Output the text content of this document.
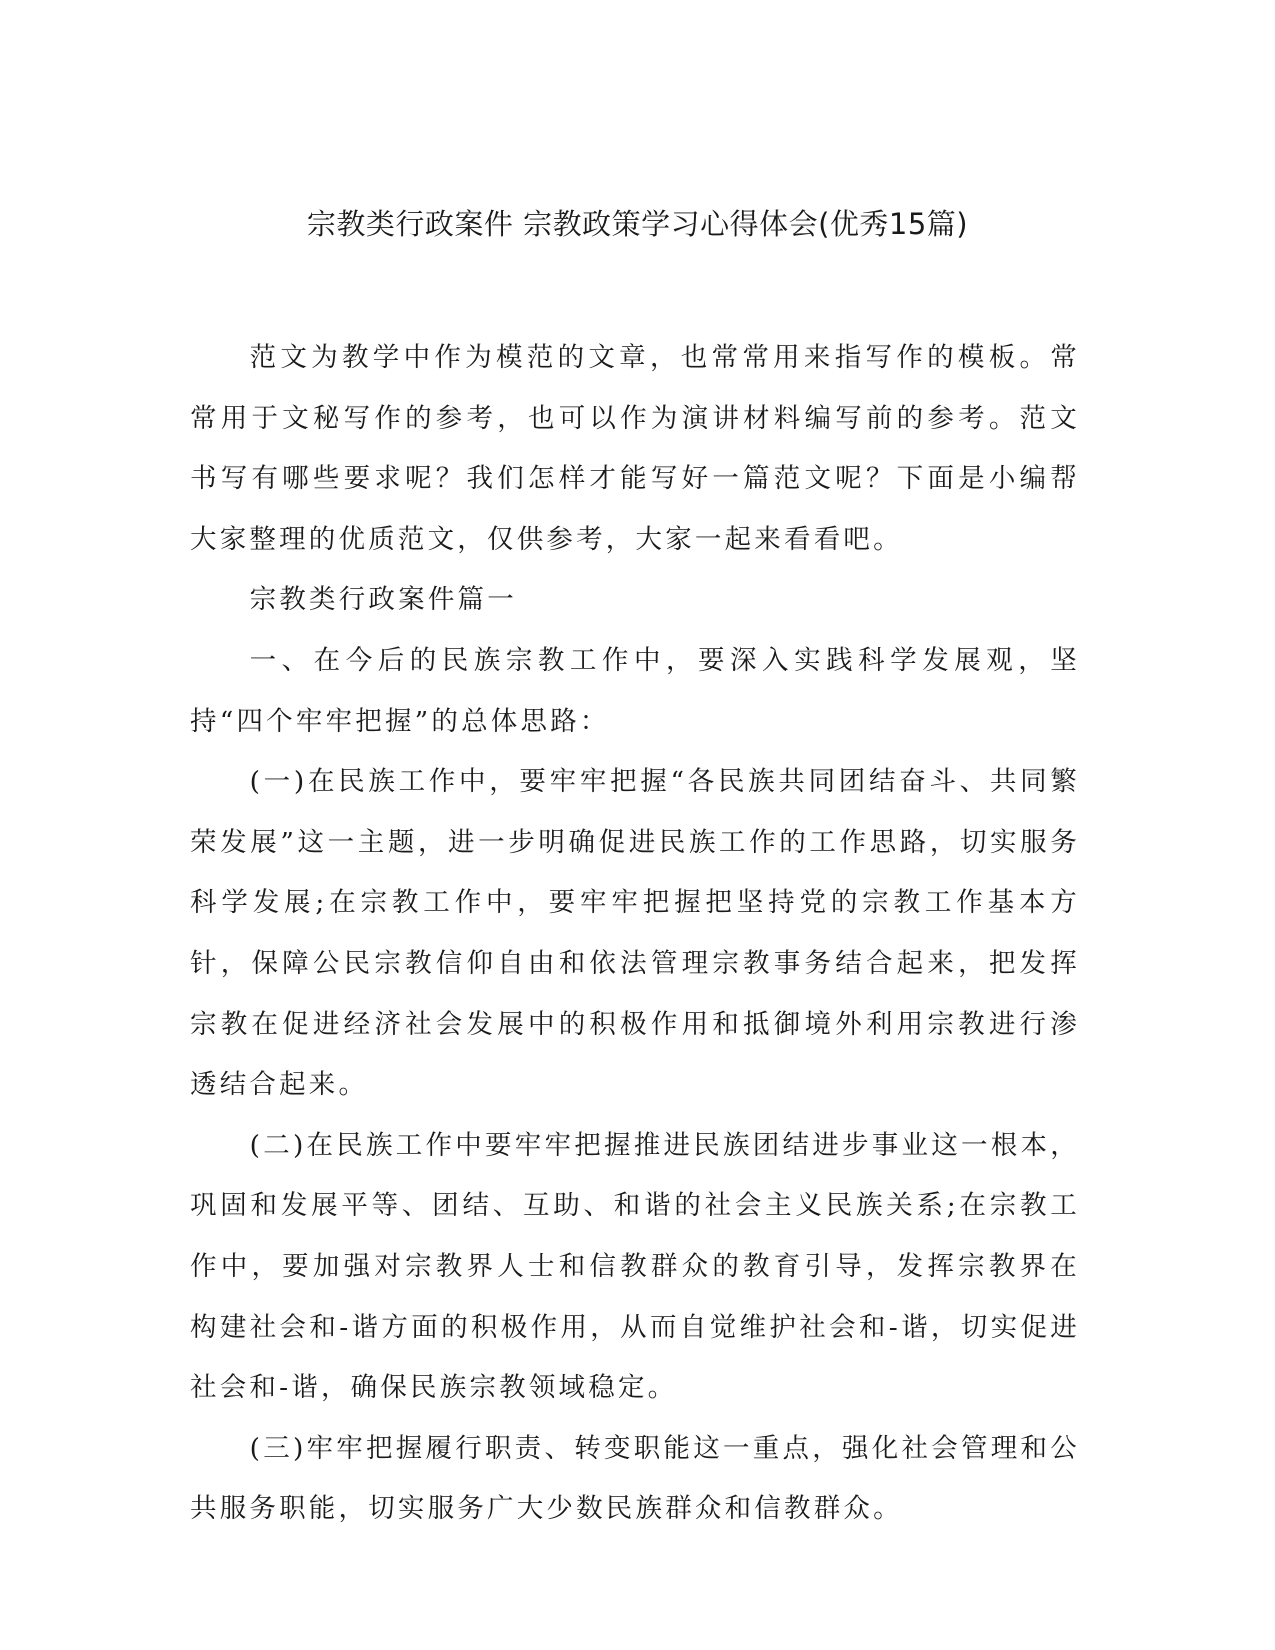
宗教类行政案件 宗教政策学习心得体会(优秀15篇)

范文为教学中作为模范的文章，也常常用来指写作的模板。常常用于文秘写作的参考，也可以作为演讲材料编写前的参考。范文书写有哪些要求呢？我们怎样才能写好一篇范文呢？下面是小编帮大家整理的优质范文，仅供参考，大家一起来看看吧。

宗教类行政案件篇一

一、在今后的民族宗教工作中，要深入实践科学发展观，坚持“四个牢牢把握”的总体思路：

(一)在民族工作中，要牢牢把握“各民族共同团结奋斗、共同繁荣发展”这一主题，进一步明确促进民族工作的工作思路，切实服务科学发展;在宗教工作中，要牢牢把握把坚持党的宗教工作基本方针，保障公民宗教信仰自由和依法管理宗教事务结合起来，把发挥宗教在促进经济社会发展中的积极作用和抵御境外利用宗教进行渗透结合起来。

(二)在民族工作中要牢牢把握推进民族团结进步事业这一根本，巩固和发展平等、团结、互助、和谐的社会主义民族关系;在宗教工作中，要加强对宗教界人士和信教群众的教育引导，发挥宗教界在构建社会和-谐方面的积极作用，从而自觉维护社会和-谐，切实促进社会和-谐，确保民族宗教领域稳定。

(三)牢牢把握履行职责、转变职能这一重点，强化社会管理和公共服务职能，切实服务广大少数民族群众和信教群众。
